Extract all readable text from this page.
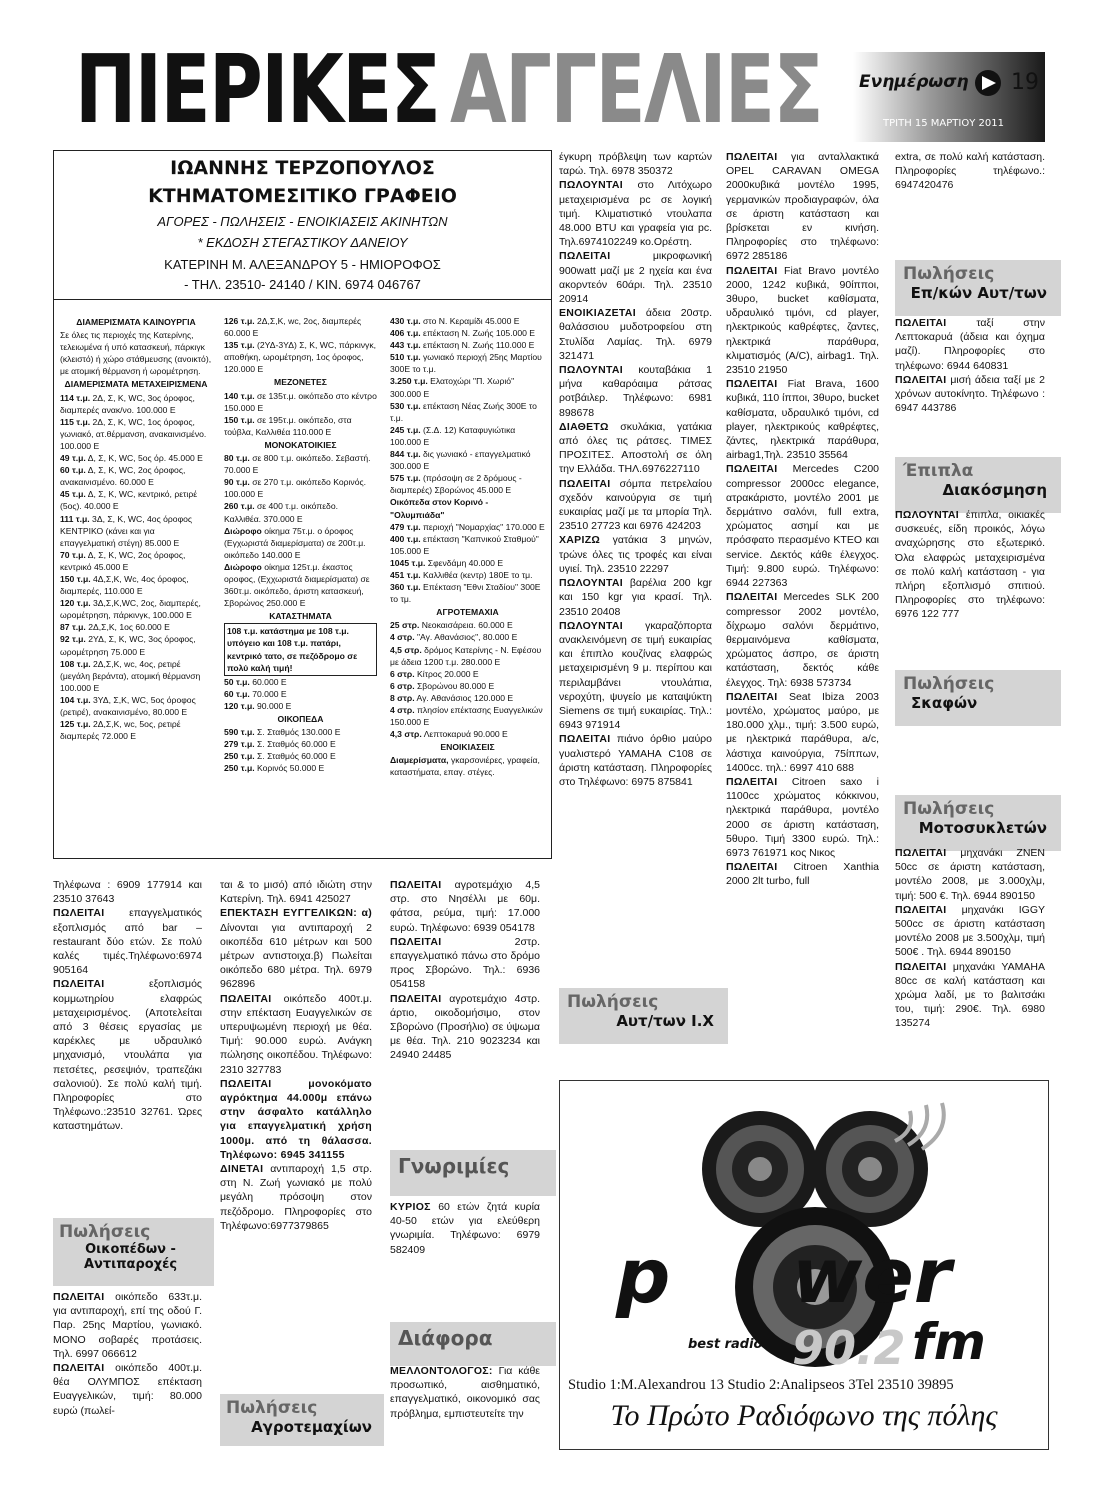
ΠΙΕΡΙΚΕΣ ΑΓΓΕΛΙΕΣ Ενημέρωση 19
ΤΡΙΤΗ 15 ΜΑΡΤΙΟΥ 2011
ΙΩΑΝΝΗΣ ΤΕΡΖΟΠΟΥΛΟΣ
ΚΤΗΜΑΤΟΜΕΣΙΤΙΚΟ ΓΡΑΦΕΙΟ
ΑΓΟΡΕΣ - ΠΩΛΗΣΕΙΣ - ΕΝΟΙΚΙΑΣΕΙΣ ΑΚΙΝΗΤΩΝ
* ΕΚΔΟΣΗ ΣΤΕΓΑΣΤΙΚΟΥ ΔΑΝΕΙΟΥ
ΚΑΤΕΡΙΝΗ Μ. ΑΛΕΞΑΝΔΡΟΥ 5 - ΗΜΙΟΡΟΦΟΣ
- ΤΗΛ. 23510- 24140 / ΚΙΝ. 6974 046767
ΔΙΑΜΕΡΙΣΜΑΤΑ ΚΑΙΝΟΥΡΓΙΑ
Σε όλες τις περιοχές της Κατερίνης, τελειωμένα ή υπό κατασκευή, πάρκιγκ (κλειστό) ή χώρο στάθμευσης (ανοικτό), με ατομική θέρμανση ή ωρομέτρηση.
ΔΙΑΜΕΡΙΣΜΑΤΑ ΜΕΤΑΧΕΙΡΙΣΜΕΝΑ
114 τ.μ. 2Δ, Σ, Κ, WC, 3ος όροφος, διαμπερές ανακ/νο. 100.000 Ε
115 τ.μ. 2Δ, Σ, Κ, WC, 1ος όροφος, γωνιακό, ατ.θέρμανση, ανακαινισμένο. 100.000 Ε
49 τ.μ. Δ, Σ, Κ, WC, 5ος όρ. 45.000 Ε
60 τ.μ. Δ, Σ, Κ, WC, 2ος όροφος, ανακαινισμένο. 60.000 Ε
45 τ.μ. Δ, Σ, Κ, WC, κεντρικό, ρετιρέ (5ος). 40.000 Ε
111 τ.μ. 3Δ, Σ, Κ, WC, 4ος όροφος ΚΕΝΤΡΙΚΟ (κάνει και για επαγγελματική στέγη) 85.000 Ε
70 τ.μ. Δ, Σ, Κ, WC, 2ος όροφος, κεντρικό 45.000 Ε
150 τ.μ. 4Δ,Σ,Κ, Wc, 4ος όροφος, διαμπερές, 110.000 Ε
120 τ.μ. 3Δ,Σ,Κ,WC, 2ος, διαμπερές, ωρομέτρηση, πάρκινγκ, 100.000 Ε
87 τ.μ. 2Δ,Σ,Κ, 1ος 60.000 Ε
92 τ.μ. 2ΥΔ, Σ, Κ, WC, 3ος όροφος, ωρομέτρηση 75.000 Ε
108 τ.μ. 2Δ,Σ,Κ, wc, 4ος, ρετιρέ (μεγάλη βεράντα), ατομική θέρμανση 100.000 Ε
104 τ.μ. 3ΥΔ, Σ,Κ, WC, 5ος όροφος (ρετιρέ), ανακαινισμένο, 80.000 Ε
125 τ.μ. 2Δ,Σ,Κ, wc, 5ος, ρετιρέ διαμπερές 72.000 Ε
126 τ.μ. 2Δ,Σ,Κ, wc, 2ος, διαμπερές 60.000 Ε
135 τ.μ. (2ΥΔ-3ΥΔ) Σ, Κ, WC, πάρκινγκ, αποθήκη, ωρομέτρηση, 1ος όροφος, 120.000 Ε
ΜΕΖΟΝΕΤΕΣ
140 τ.μ. σε 135τ.μ. οικόπεδο στο κέντρο 150.000 Ε
150 τ.μ. σε 195τ.μ. οικόπεδο, στα τούβλα, Καλλιθέα 110.000 Ε
ΜΟΝΟΚΑΤΟΙΚΙΕΣ
80 τ.μ. σε 800 τ.μ. οικόπεδο. Σεβαστή. 70.000 Ε
90 τ.μ. σε 270 τ.μ. οικόπεδο Κορινός. 100.000 Ε
260 τ.μ. σε 400 τ.μ. οικόπεδο. Καλλιθέα. 370.000 Ε
Διώροφο οίκημα 75τ.μ. ο όροφος (Εγχωριστά διαμερίσματα) σε 200τ.μ. οικόπεδο 140.000 Ε
Διώροφο οίκημα 125τ.μ. έκαστος οροφος, (Εχχωριστά διαμερίσματα) σε 360τ.μ. οικόπεδο, άριστη κατασκευή, Σβορώνος 250.000 Ε
ΚΑΤΑΣΤΗΜΑΤΑ
108 τ.μ. κατάστημα με 108 τ.μ. υπόγειο και 108 τ.μ. πατάρι, κεντρικό τατο, σε πεζόδρομο σε πολύ καλή τιμή!
50 τ.μ. 60.000 Ε
60 τ.μ. 70.000 Ε
120 τ.μ. 90.000 Ε
ΟΙΚΟΠΕΔΑ
590 τ.μ. Σ. Σταθμός 130.000 Ε
279 τ.μ. Σ. Σταθμός 60.000 Ε
250 τ.μ. Σ. Σταθμός 60.000 Ε
250 τ.μ. Κορινός 50.000 Ε
430 τ.μ. στο Ν. Κεραμίδι 45.000 Ε
406 τ.μ. επέκταση Ν. Ζωής 105.000 Ε
443 τ.μ. επέκταση Ν. Ζωής 110.000 Ε
510 τ.μ. γωνιακό περιοχή 25ης Μαρτίου 300Ε το τ.μ.
3.250 τ.μ. Ελατοχώρι "Π. Χωριό" 300.000 Ε
530 τ.μ. επέκταση Νέας Ζωής 300Ε το τ.μ.
245 τ.μ. (Σ.Δ. 12) Καταφυγιώτικα 100.000 Ε
844 τ.μ. δις γωνιακό - επαγγελματικό 300.000 Ε
575 τ.μ. (πρόσοψη σε 2 δρόμους - διαμπερές) Σβορώνος 45.000 Ε
Οικόπεδα στον Κορινό - "Ολυμπιάδα"
479 τ.μ. περιοχή "Νομαρχίας" 170.000 Ε
400 τ.μ. επέκταση "Καπνικού Σταθμού" 105.000 Ε
1045 τ.μ. Σφενδάμη 40.000 Ε
451 τ.μ. Καλλιθέα (κεντρ) 180Ε το τμ.
360 τ.μ. Επέκταση "Εθνι Σταδίου" 300Ε το τμ.
ΑΓΡΟΤΕΜΑΧΙΑ
25 στρ. Νεοκαισάρεια. 60.000 Ε
4 στρ. "Αγ. Αθανάσιος", 80.000 Ε
4,5 στρ. δρόμος Κατερίνης - Ν. Εφέσου με άδεια 1200 τ.μ. 280.000 Ε
6 στρ. Κίτρος 20.000 Ε
6 στρ. Σβορώνου 80.000 Ε
8 στρ. Αγ. Αθανάσιος 120.000 Ε
4 στρ. πλησίον επέκτασης Ευαγγελικών 150.000 Ε
4,3 στρ. Λεπτοκαρυά 90.000 Ε
ΕΝΟΙΚΙΑΣΕΙΣ
Διαμερίσματα, γκαρσονιέρες, γραφεία, καταστήματα, επαγ. στέγες.

Τηλέφωνα : 6909 177914 και 23510 37643

ΠΩΛΕΙΤΑΙ επαγγελματικός εξοπλισμός από bar – restaurant δύο ετών. Σε πολύ καλές τιμές.Τηλέφωνο:6974 905164

ΠΩΛΕΙΤΑΙ	εξοπλισμός κομμωτηρίου ελαφρώς μεταχειρισμένος. (Αποτελείται από 3 θέσεις εργασίας με καρέκλες με υδραυλικό μηχανισμό, ντουλάπα για πετσέτες, ρεσεψιόν, τραπεζάκι σαλονιού). Σε πολύ καλή τιμή. Πληροφορίες στο Τηλέφωνο.:23510 32761. Ώρες καταστημάτων.

Πωλήσεις
Οικοπέδων - Αντιπαροχές

ΠΩΛΕΙΤΑΙ οικόπεδο 633τ.μ. για αντιπαροχή, επί της οδού Γ. Παρ. 25ης Μαρτίου, γωνιακό. ΜΟΝΟ σοβαρές προτάσεις. Τηλ. 6997 066612

ΠΩΛΕΙΤΑΙ οικόπεδο 400τ.μ. θέα ΟΛΥΜΠΟΣ επέκταση Ευαγγελικών, τιμή: 80.000 ευρώ (πωλεί-

ται & το μισό) από ιδιώτη στην Κατερίνη. Τηλ. 6941 425027

ΕΠΕΚΤΑΣΗ ΕΥΓΓΕΛΙΚΩΝ: α) Δίνονται για αντιπαροχή 2 οικοπέδα 610 μέτρων και 500 μέτρων αντιστοιχα.β) Πωλείται οικόπεδο 680 μέτρα. Τηλ. 6979 962896

ΠΩΛΕΙΤΑΙ οικόπεδο 400τ.μ. στην επέκταση Ευαγγελικών σε υπερυψωμένη περιοχή με θέα. Τιμή: 90.000 ευρώ. Ανάγκη πώλησης οικοπέδου. Τηλέφωνο: 2310 327783

ΠΩΛΕΙΤΑΙ μονοκόματο αγρόκτημα 44.000μ επάνω στην άσφαλτο κατάλληλο για επαγγελματική χρήση 1000μ. από τη θάλασσα. Τηλέφωνο: 6945 341155

ΔΙΝΕΤΑΙ αντιπαροχή 1,5 στρ. στη Ν. Ζωή γωνιακό με πολύ μεγάλη πρόσοψη στον πεζόδρομο. Πληροφορίες στο Τηλέφωνο:6977379865

Πωλήσεις
Αγροτεμαχίων

ΠΩΛΕΙΤΑΙ αγροτεμάχιο 4,5 στρ. στο Νησέλλι με 60μ. φάτσα, ρεύμα, τιμή: 17.000 ευρώ. Τηλέφωνο: 6939 054178

ΠΩΛΕΙΤΑΙ	2στρ. επαγγελματικό πάνω στο δρόμο προς Σβορώνο. Τηλ.: 6936 054158

ΠΩΛΕΙΤΑΙ αγροτεμάχιο 4στρ. άρτιο, οικοδομήσιμο, στον Σβορώνο (Προσήλιο) σε ύψωμα με θέα. Τηλ. 210 9023234 και 24940 24485

Γνωριμίες

ΚΥΡΙΟΣ 60 ετών ζητά κυρία 40-50 ετών για ελεύθερη γνωριμία. Τηλέφωνο: 6979 582409

Διάφορα

ΜΕΛΛΟΝΤΟΛΟΓΟΣ: Για κάθε προσωπικό, αισθηματικό, επαγγελματικό, οικονομικό σας πρόβλημα, εμπιστευτείτε την

έγκυρη πρόβλεψη των καρτών ταρώ. Τηλ. 6978 350372

ΠΩΛΟΥΝΤΑΙ στο Λιτόχωρο μεταχειρισμένα pc σε λογική τιμή. Κλιματιστικό ντουλαπα 48.000 BTU και γραφεία για pc. Τηλ.6974102249 κο.Ορέστη.

ΠΩΛΕΙΤΑΙ	μικροφωνική 900watt μαζί με 2 ηχεία και ένα ακορντεόν 60άρι. Τηλ. 23510 20914

ΕΝΟΙΚΙΑΖΕΤΑΙ άδεια 20στρ. θαλάσσιου μυδοτροφείου στη Στυλίδα Λαμίας. Τηλ. 6979 321471

ΠΩΛΟΥΝΤΑΙ κουταβάκια 1 μήνα καθαρόαιμα ράτσας ροτβάιλερ. Τηλέφωνο: 6981 898678

ΔΙΑΘΕΤΩ σκυλάκια, γατάκια από όλες τις ράτσες. ΤΙΜΕΣ ΠΡΟΣΙΤΕΣ. Αποστολή σε όλη την Ελλάδα. ΤΗΛ.6976227110

ΠΩΛΕΙΤΑΙ σόμπα πετρελαίου σχεδόν καινούργια σε τιμή ευκαιρίας μαζί με τα μπορία Τηλ. 23510 27723 και 6976 424203

ΧΑΡΙΖΩ γατάκια 3 μηνών, τρώνε όλες τις τροφές και είναι υγιεί. Τηλ. 23510 22297

ΠΩΛΟΥΝΤΑΙ βαρέλια 200 kgr και 150 kgr για κρασί. Τηλ. 23510 20408

ΠΩΛΟΥΝΤΑΙ γκαραζόπορτα ανακλεινόμενη σε τιμή ευκαιρίας και έπιπλο κουζίνας ελαφρώς μεταχειρισμένη 9 μ. περίπου και περιλαμβάνει ντουλάπια, νεροχύτη, ψυγείο με καταψύκτη Siemens σε τιμή ευκαιρίας. Τηλ.: 6943 971914

ΠΩΛΕΙΤΑΙ πιάνο όρθιο μαύρο γυαλιστερό YAMAHA C108 σε άριστη κατάσταση. Πληροφορίες στο Τηλέφωνο: 6975 875841

Πωλήσεις
Αυτ/των Ι.Χ

ΠΩΛΕΙΤΑΙ για ανταλλακτικά OPEL CARAVAN OMEGA 2000κυβικά μοντέλο 1995, γερμανικών προδιαγραφών, όλα σε άριστη κατάσταση και βρίσκεται εν κινήση. Πληροφορίες στο τηλέφωνο: 6972 285186

ΠΩΛΕΙΤΑΙ Fiat Bravo μοντέλο 2000, 1242 κυβικά, 90ίπποι, 3θυρο, bucket καθίσματα, υδραυλικό τιμόνι, cd player, ηλεκτρικούς καθρέφτες, ζαντες, ηλεκτρικά παράθυρα, κλιματισμός (A/C), airbag1. Τηλ. 23510 21950

ΠΩΛΕΙΤΑΙ Fiat Brava, 1600 κυβικά, 110 ίπποι, 3θυρο, bucket καθίσματα, υδραυλικό τιμόνι, cd player, ηλεκτρικούς καθρέφτες, ζάντες, ηλεκτρικά παράθυρα, airbag1,Τηλ. 23510 35564

ΠΩΛΕΙΤΑΙ Mercedes C200 compressor 2000cc elegance, ατρακάριστο, μοντέλο 2001 με δερμάτινο σαλόνι, full extra, χρώματος ασημί και με πρόσφατο περασμένο ΚΤΕΟ και service. Δεκτός κάθε έλεγχος. Τιμή: 9.800 ευρώ. Τηλέφωνο: 6944 227363

ΠΩΛΕΙΤΑΙ Mercedes SLK 200 compressor 2002 μοντέλο, δίχρωμο σαλόνι δερμάτινο, θερμαινόμενα καθίσματα, χρώματος άσπρο, σε άριστη κατάσταση, δεκτός κάθε έλεγχος. Τηλ: 6938 573734

ΠΩΛΕΙΤΑΙ Seat Ibiza 2003 μοντέλο, χρώματος μαύρο, με 180.000 χλμ., τιμή: 3.500 ευρώ, με ηλεκτρικά παράθυρα, a/c, λάστιχα καινούργια, 75ίππων, 1400cc. τηλ.: 6997 410 688

ΠΩΛΕΙΤΑΙ Citroen saxo i 1100cc χρώματος κόκκινου, ηλεκτρικά παράθυρα, μοντέλο 2000 σε άριστη κατάσταση, 5θυρο. Τιμή 3300 ευρώ. Τηλ.: 6973 761971 κος Νικος

ΠΩΛΕΙΤΑΙ Citroen Xanthia 2000 2lt turbo, full

extra, σε πολύ καλή κατάσταση. Πληροφορίες τηλέφωνο.: 6947420476

Πωλήσεις
Επ/κών Αυτ/των

ΠΩΛΕΙΤΑΙ	ταξί στην Λεπτοκαρυά (άδεια και όχημα μαζί). Πληροφορίες στο τηλέφωνο: 6944 640831

ΠΩΛΕΙΤΑΙ μισή άδεια ταξί με 2 χρόνων αυτοκίνητο. Τηλέφωνο : 6947 443786

Έπιπλα
Διακόσμηση

ΠΩΛΟΥΝΤΑΙ έπιπλα, οικιακές συσκευές, είδη προικός, λόγω αναχώρησης στο εξωτερικό. Όλα ελαφρώς μεταχειρισμένα σε πολύ καλή κατάσταση - για πλήρη εξοπλισμό σπιτιού. Πληροφορίες στο τηλέφωνο: 6976 122 777

Πωλήσεις
Σκαφών
Πωλήσεις
Μοτοσυκλετών

ΠΩΛΕΙΤΑΙ μηχανάκι ΖΝΕΝ 50cc σε άριστη κατάσταση, μοντέλο 2008, με 3.000χλμ, τιμή: 500 €. Τηλ. 6944 890150

ΠΩΛΕΙΤΑΙ μηχανάκι IGGY 500cc σε άριστη κατάσταση μοντέλο 2008 με 3.500χλμ, τιμή 500€ . Τηλ. 6944 890150

ΠΩΛΕΙΤΑΙ μηχανάκι YAMAHA 80cc σε καλή κατάσταση και χρώμα λαδί, με το βαλιτσάκι του, τιμή: 290€. Τηλ. 6980 135274

p wer
90.2 fm
best radio
Studio 1:M.Alexandrou 13 Studio 2:Analipseos 3Tel 23510 39895
Το Πρώτο Ραδιόφωνο της πόλης
